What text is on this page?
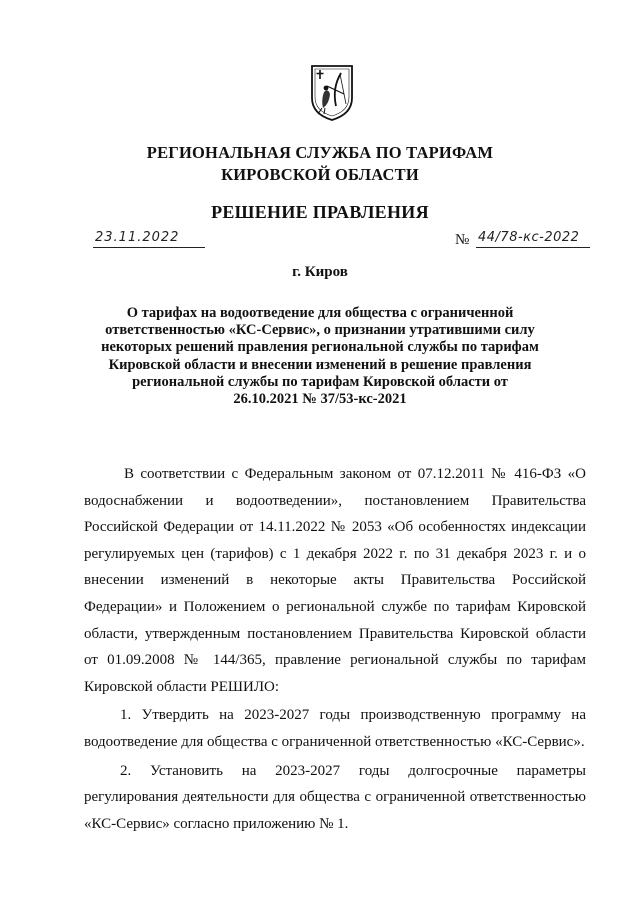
РЕГИОНАЛЬНАЯ СЛУЖБА ПО ТАРИФАМ
КИРОВСКОЙ ОБЛАСТИ
РЕШЕНИЕ ПРАВЛЕНИЯ
23.11.2022	№ 44/78-кс-2022
г. Киров
О тарифах на водоотведение для общества с ограниченной
ответственностью «КС-Сервис», о признании утратившими силу
некоторых решений правления региональной службы по тарифам
Кировской области и внесении изменений в решение правления
региональной службы по тарифам Кировской области от
26.10.2021 № 37/53-кс-2021

В соответствии с Федеральным законом от 07.12.2011 № 416-ФЗ «О водоснабжении и водоотведении», постановлением Правительства Российской Федерации от 14.11.2022 № 2053 «Об особенностях индексации регулируемых цен (тарифов) с 1 декабря 2022 г. по 31 декабря 2023 г. и о внесении изменений в некоторые акты Правительства Российской Федерации» и Положением о региональной службе по тарифам Кировской области, утвержденным постановлением Правительства Кировской области от 01.09.2008 № 144/365, правление региональной службы по тарифам Кировской области РЕШИЛО:

1. Утвердить на 2023-2027 годы производственную программу на водоотведение для общества с ограниченной ответственностью «КС-Сервис».

2. Установить на 2023-2027 годы долгосрочные параметры регулирования деятельности для общества с ограниченной ответственностью «КС-Сервис» согласно приложению № 1.
